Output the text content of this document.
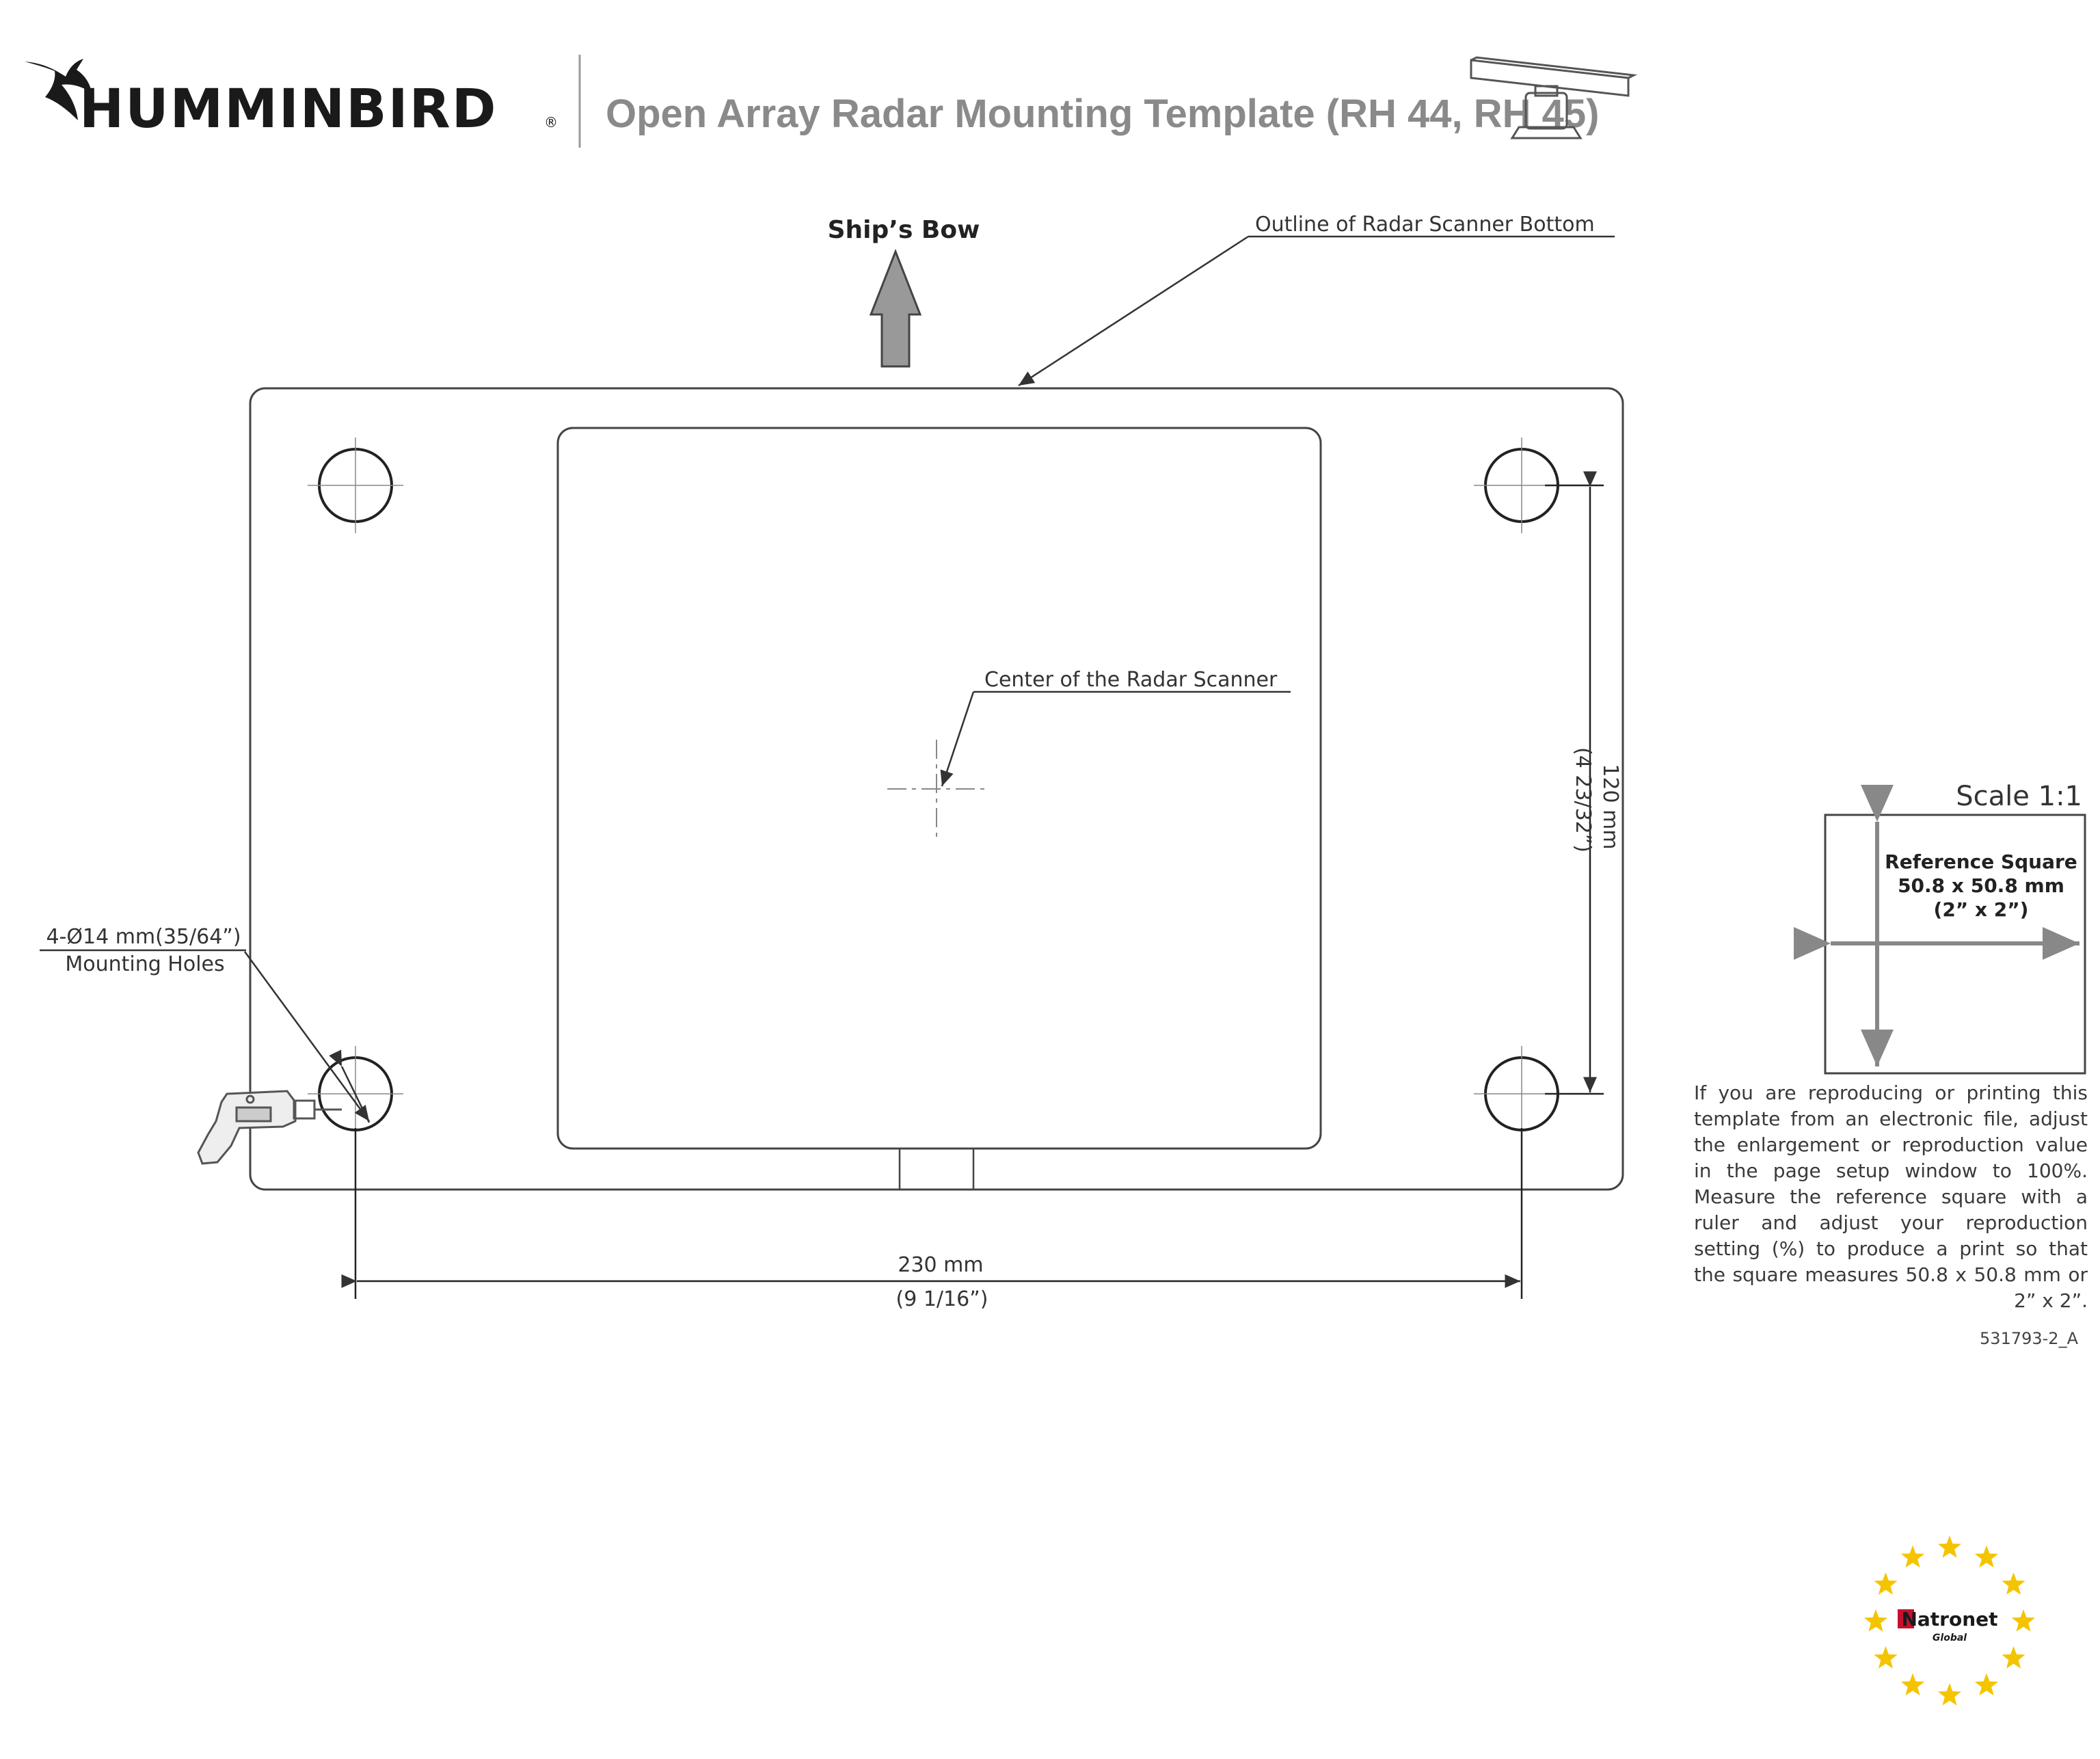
HUMMINBIRD	® Open Array Radar Mounting Template (RH 44, RH 45)
Ship’s Bow	Outline of Radar Scanner Bottom
Center of the Radar Scanner
4-Ø14 mm(35/64”)
Mounting Holes
230 mm
(9 1/16”)
120 mm
(4 23/32”)	Scale 1:1
Reference Square
50.8 x 50.8 mm
(2” x 2”)
531793-2_A
Natronet
Global
If you are reproducing or printing this template from an electronic file, adjust the enlargement or reproduction value in the page setup window to 100%. Measure the reference square with a ruler and adjust your reproduction setting (%) to produce a print so that the square measures 50.8 x 50.8 mm or 2” x 2”.
